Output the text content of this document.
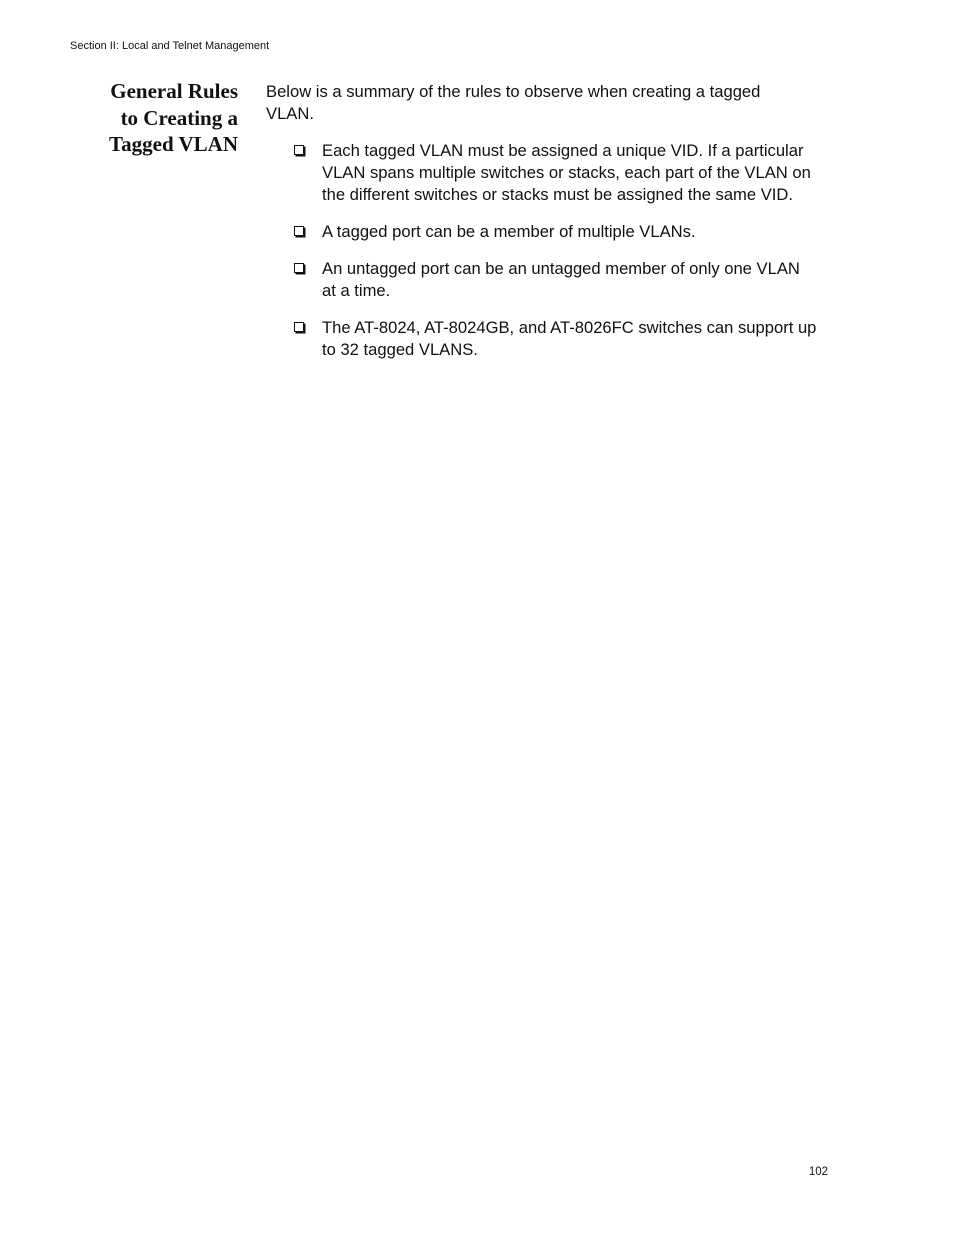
Section II: Local and Telnet Management
General Rules
to Creating a
Tagged VLAN

Below is a summary of the rules to observe when creating a tagged
VLAN.

Each tagged VLAN must be assigned a unique VID. If a particular
VLAN spans multiple switches or stacks, each part of the VLAN on
the different switches or stacks must be assigned the same VID.
A tagged port can be a member of multiple VLANs.
An untagged port can be an untagged member of only one VLAN
at a time.
The AT-8024, AT-8024GB, and AT-8026FC switches can support up
to 32 tagged VLANS.
102
